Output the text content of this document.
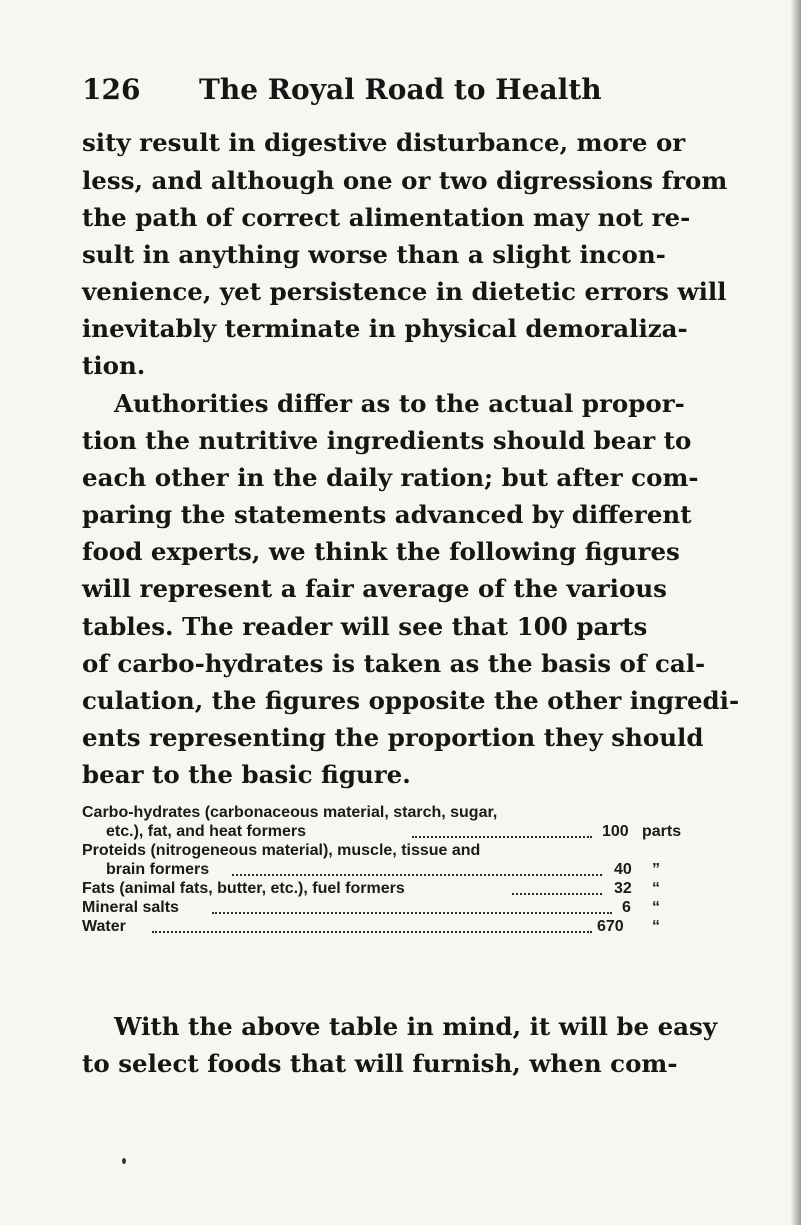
126 The Royal Road to Health
sity result in digestive disturbance, more or
less, and although one or two digressions from
the path of correct alimentation may not re-
sult in anything worse than a slight incon-
venience, yet persistence in dietetic errors will
inevitably terminate in physical demoraliza-
tion.
Authorities differ as to the actual propor-
tion the nutritive ingredients should bear to
each other in the daily ration; but after com-
paring the statements advanced by different
food experts, we think the following figures
will represent a fair average of the various
tables. The reader will see that 100 parts
of carbo-hydrates is taken as the basis of cal-
culation, the figures opposite the other ingredi-
ents representing the proportion they should
bear to the basic figure.
Carbo-hydrates (carbonaceous material, starch, sugar,
etc.), fat, and heat formers	100 parts
Proteids (nitrogeneous material), muscle, tissue and
brain formers	40 ”
Fats (animal fats, butter, etc.), fuel formers	32 “
Mineral salts	6 “
Water	670 “
With the above table in mind, it will be easy
to select foods that will furnish, when com-
